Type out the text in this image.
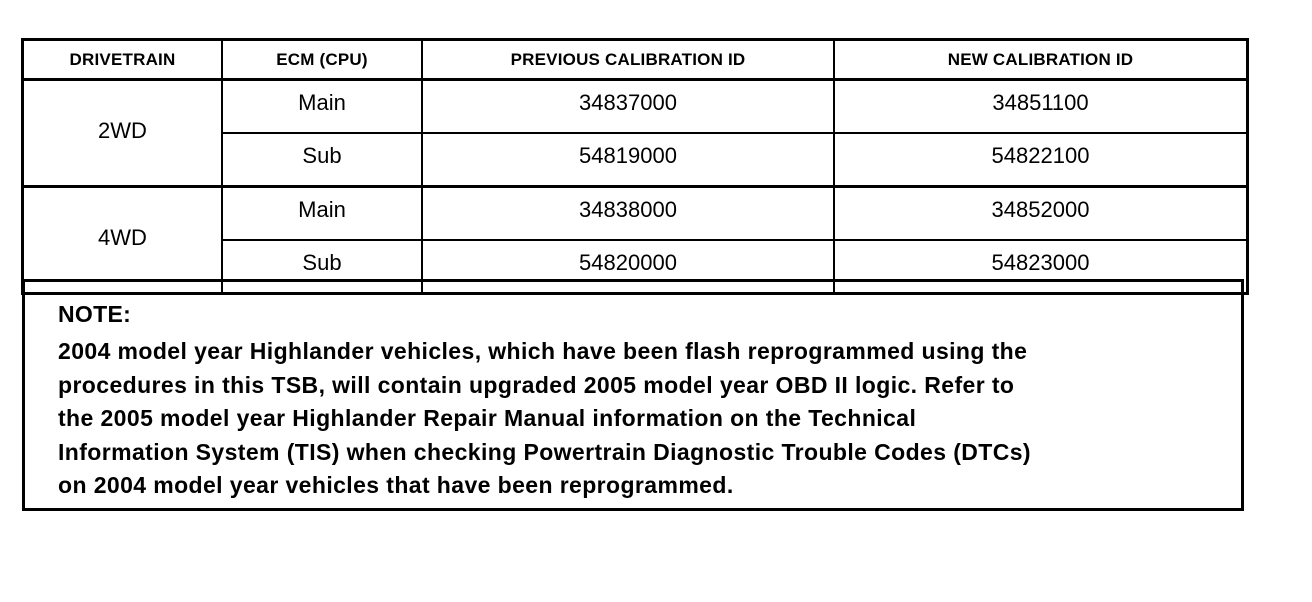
DRIVETRAIN	ECM (CPU)	PREVIOUS CALIBRATION ID	NEW CALIBRATION ID
2WD	Main	34837000	34851100
	Sub	54819000	54822100
4WD	Main	34838000	34852000
	Sub	54820000	54823000

NOTE:

2004 model year Highlander vehicles, which have been flash reprogrammed using the
procedures in this TSB, will contain upgraded 2005 model year OBD II logic. Refer to
the 2005 model year Highlander Repair Manual information on the Technical
Information System (TIS) when checking Powertrain Diagnostic Trouble Codes (DTCs)
on 2004 model year vehicles that have been reprogrammed.
